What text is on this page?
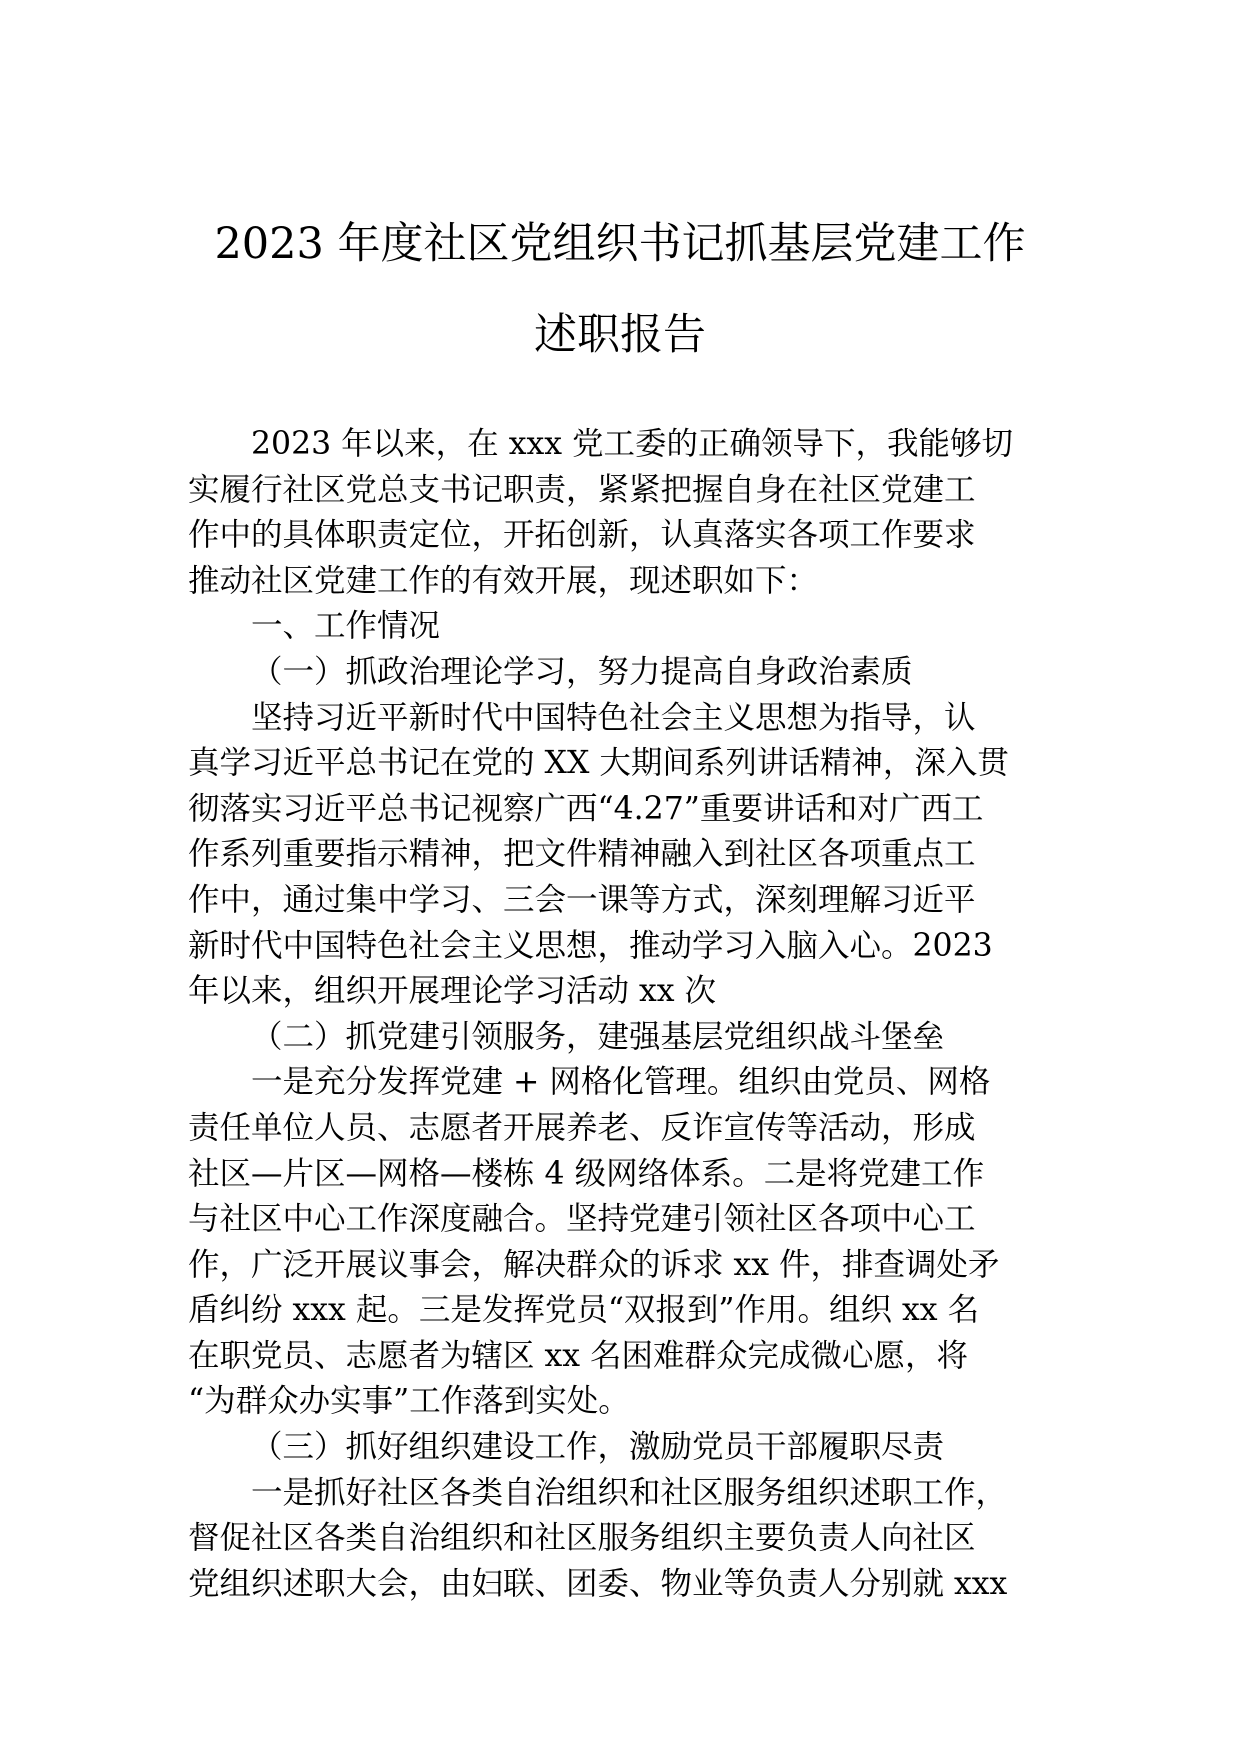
2023 年度社区党组织书记抓基层党建工作
述职报告
2023 年以来，在 xxx 党工委的正确领导下，我能够切
实履行社区党总支书记职责，紧紧把握自身在社区党建工
作中的具体职责定位，开拓创新，认真落实各项工作要求
推动社区党建工作的有效开展，现述职如下：
一、工作情况
（一）抓政治理论学习，努力提高自身政治素质
坚持习近平新时代中国特色社会主义思想为指导，认
真学习近平总书记在党的 XX 大期间系列讲话精神，深入贯
彻落实习近平总书记视察广西“4.27”重要讲话和对广西工
作系列重要指示精神，把文件精神融入到社区各项重点工
作中，通过集中学习、三会一课等方式，深刻理解习近平
新时代中国特色社会主义思想，推动学习入脑入心。2023
年以来，组织开展理论学习活动 xx 次
（二）抓党建引领服务，建强基层党组织战斗堡垒
一是充分发挥党建 + 网格化管理。组织由党员、网格
责任单位人员、志愿者开展养老、反诈宣传等活动，形成
社区—片区—网格—楼栋 4 级网络体系。二是将党建工作
与社区中心工作深度融合。坚持党建引领社区各项中心工
作，广泛开展议事会，解决群众的诉求 xx 件，排查调处矛
盾纠纷 xxx 起。三是发挥党员“双报到”作用。组织 xx 名
在职党员、志愿者为辖区 xx 名困难群众完成微心愿，将
“为群众办实事”工作落到实处。
（三）抓好组织建设工作，激励党员干部履职尽责
一是抓好社区各类自治组织和社区服务组织述职工作，
督促社区各类自治组织和社区服务组织主要负责人向社区
党组织述职大会，由妇联、团委、物业等负责人分别就 xxx
